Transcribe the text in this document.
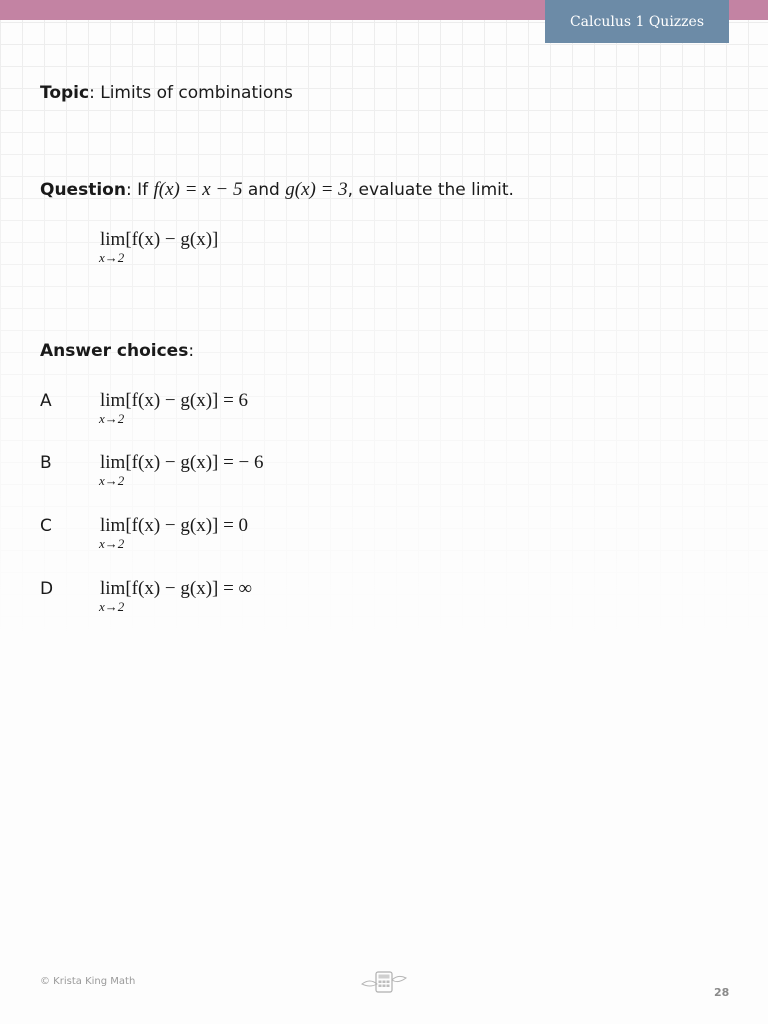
Calculus 1 Quizzes
Topic: Limits of combinations
Question: If f(x) = x − 5 and g(x) = 3, evaluate the limit.
lim[f(x) − g(x)]
x→2
Answer choices:
A	lim[f(x) − g(x)] = 6
x→2
B	lim[f(x) − g(x)] = − 6
x→2
C	lim[f(x) − g(x)] = 0
x→2
D lim[f(x) − g(x)] = ∞
x→2
© Krista King Math
28
